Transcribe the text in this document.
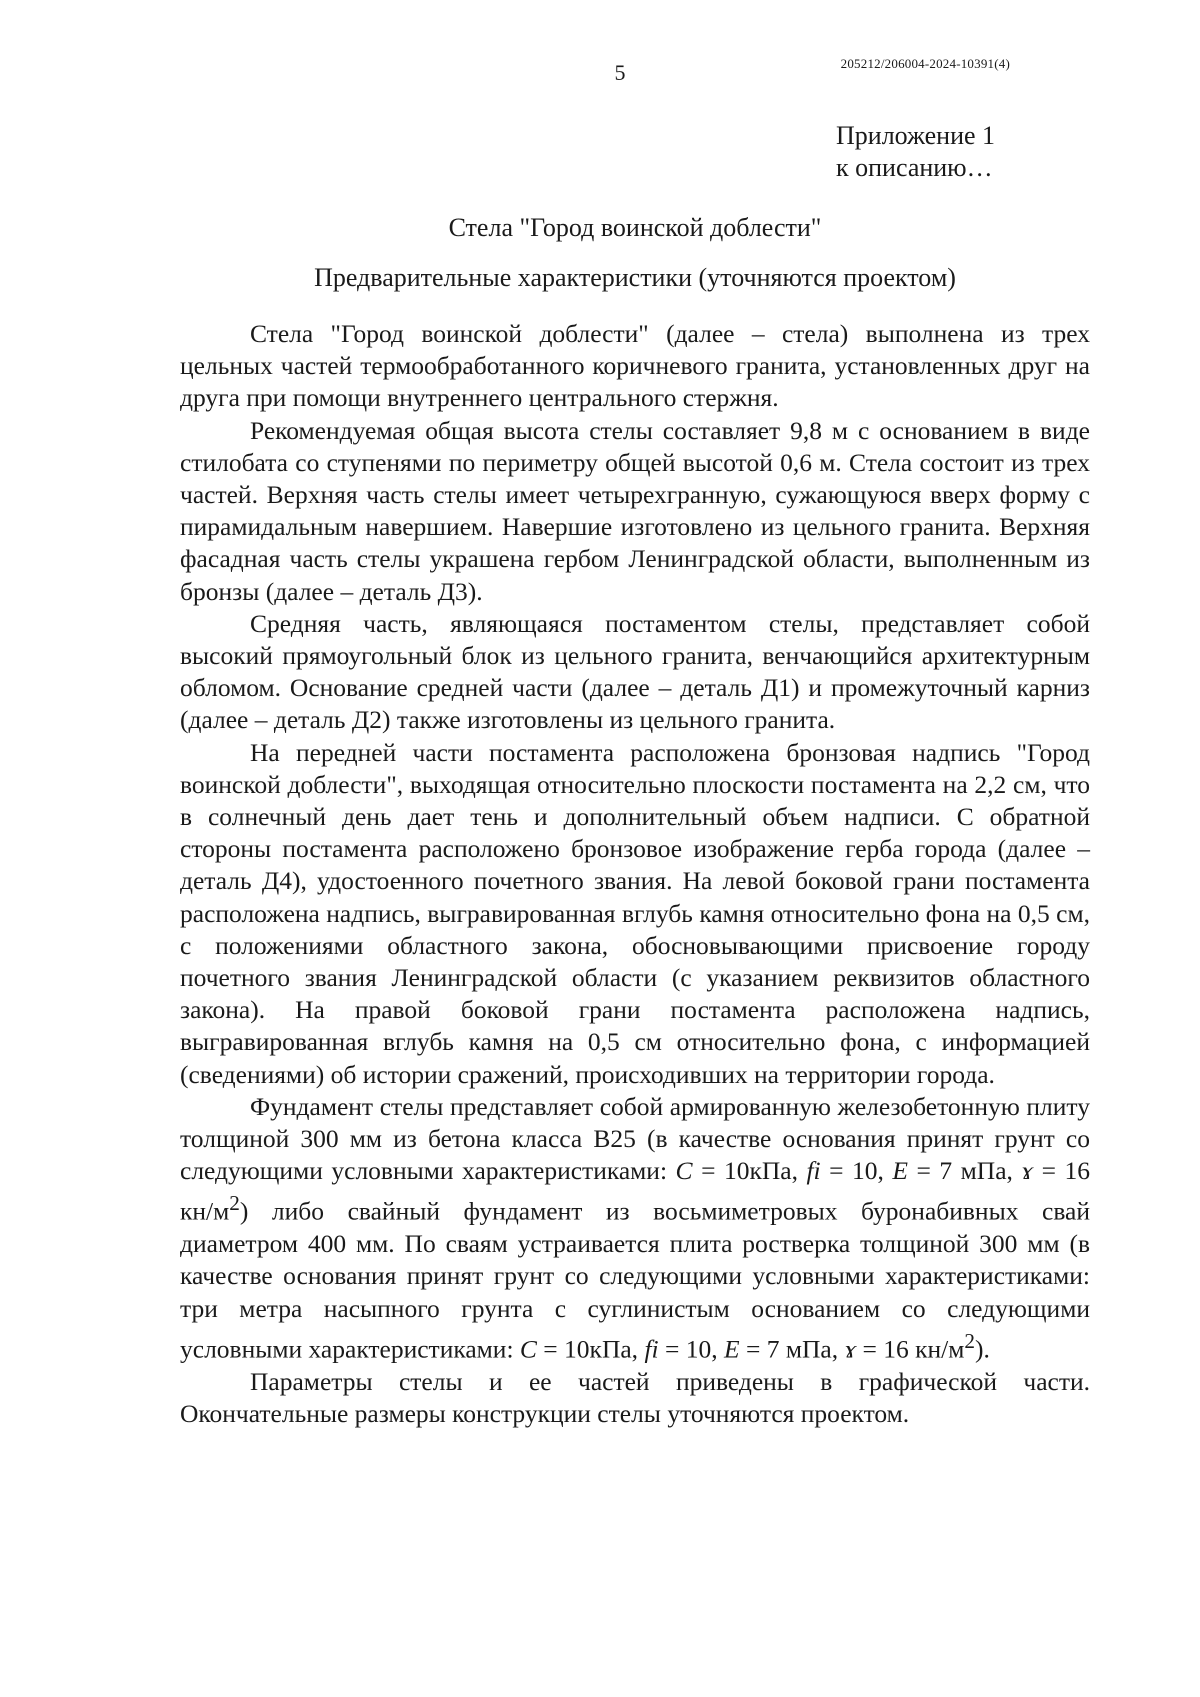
5	205212/206004-2024-10391(4)
Приложение 1
к описанию…
Стела "Город воинской доблести"
Предварительные характеристики (уточняются проектом)

Стела "Город воинской доблести" (далее – стела) выполнена из трех цельных частей термообработанного коричневого гранита, установленных друг на друга при помощи внутреннего центрального стержня.

Рекомендуемая общая высота стелы составляет 9,8 м с основанием в виде стилобата со ступенями по периметру общей высотой 0,6 м. Стела состоит из трех частей. Верхняя часть стелы имеет четырехгранную, сужающуюся вверх форму с пирамидальным навершием. Навершие изготовлено из цельного гранита. Верхняя фасадная часть стелы украшена гербом Ленинградской области, выполненным из бронзы (далее – деталь Д3).

Средняя часть, являющаяся постаментом стелы, представляет собой высокий прямоугольный блок из цельного гранита, венчающийся архитектурным обломом. Основание средней части (далее – деталь Д1) и промежуточный карниз (далее – деталь Д2) также изготовлены из цельного гранита.

На передней части постамента расположена бронзовая надпись "Город воинской доблести", выходящая относительно плоскости постамента на 2,2 см, что в солнечный день дает тень и дополнительный объем надписи. С обратной стороны постамента расположено бронзовое изображение герба города (далее – деталь Д4), удостоенного почетного звания. На левой боковой грани постамента расположена надпись, выгравированная вглубь камня относительно фона на 0,5 см, с положениями областного закона, обосновывающими присвоение городу почетного звания Ленинградской области (с указанием реквизитов областного закона). На правой боковой грани постамента расположена надпись, выгравированная вглубь камня на 0,5 см относительно фона, с информацией (сведениями) об истории сражений, происходивших на территории города.

Фундамент стелы представляет собой армированную железобетонную плиту толщиной 300 мм из бетона класса В25 (в качестве основания принят грунт со следующими условными характеристиками: C = 10кПа, fi = 10, E = 7 мПа, ɤ = 16 $кн/м^2$) либо свайный фундамент из восьмиметровых буронабивных свай диаметром 400 мм. По сваям устраивается плита ростверка толщиной 300 мм (в качестве основания принят грунт со следующими условными характеристиками: три метра насыпного грунта с суглинистым основанием со следующими условными характеристиками: C = 10кПа, fi = 10, E = 7 мПа, ɤ = 16 $кн/м^2$).

Параметры стелы и ее частей приведены в графической части. Окончательные размеры конструкции стелы уточняются проектом.
